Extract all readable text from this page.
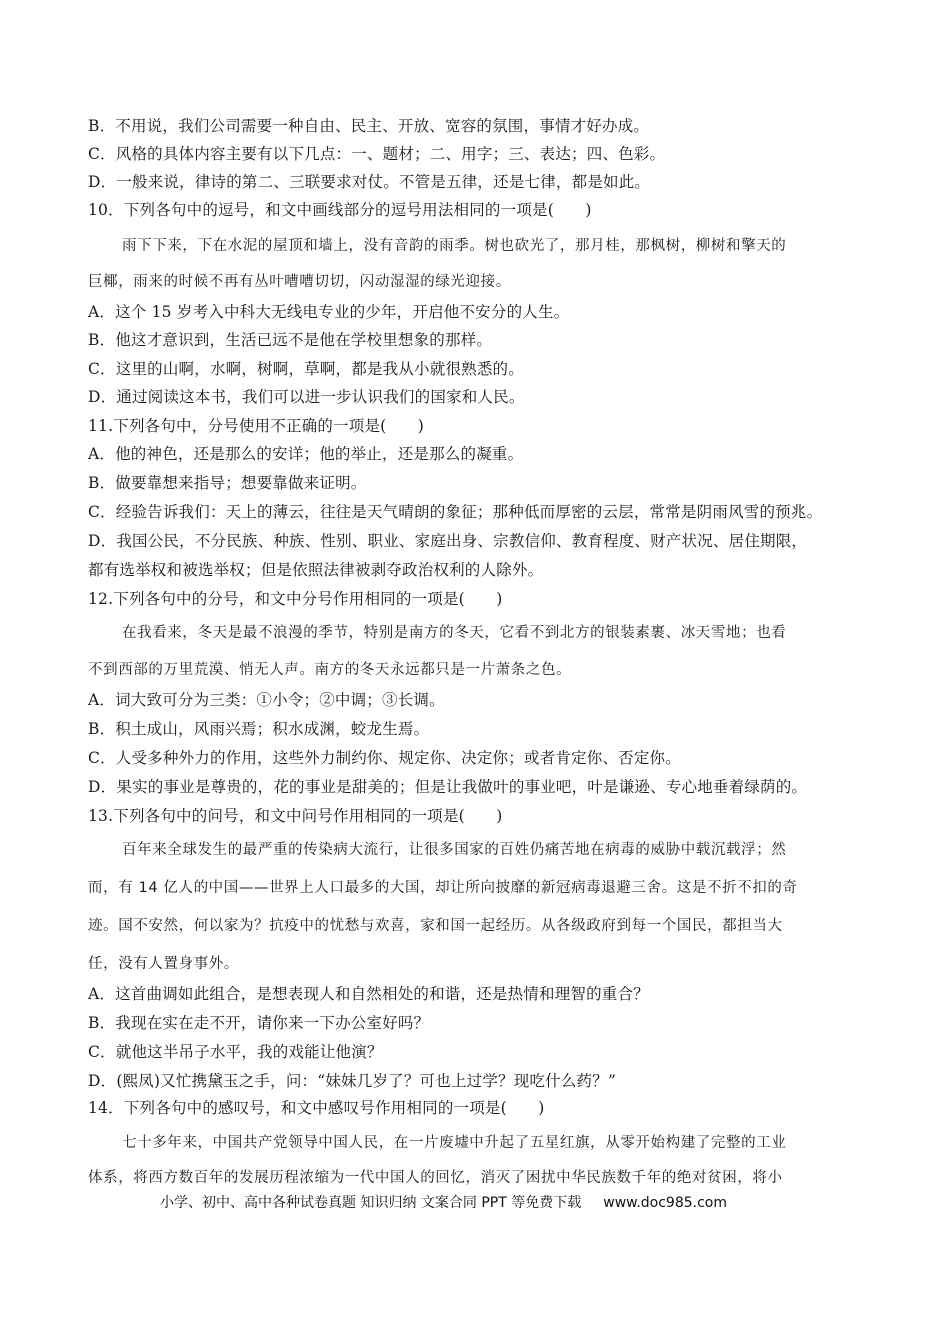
B．不用说，我们公司需要一种自由、民主、开放、宽容的氛围，事情才好办成。
C．风格的具体内容主要有以下几点：一、题材；二、用字；三、表达；四、色彩。
D．一般来说，律诗的第二、三联要求对仗。不管是五律，还是七律，都是如此。
10．下列各句中的逗号，和文中画线部分的逗号用法相同的一项是(　　)
雨下下来，下在水泥的屋顶和墙上，没有音韵的雨季。树也砍光了，那月桂，那枫树，柳树和擎天的
巨椰，雨来的时候不再有丛叶嘈嘈切切，闪动湿湿的绿光迎接。
A．这个 15 岁考入中科大无线电专业的少年，开启他不安分的人生。
B．他这才意识到，生活已远不是他在学校里想象的那样。
C．这里的山啊，水啊，树啊，草啊，都是我从小就很熟悉的。
D．通过阅读这本书，我们可以进一步认识我们的国家和人民。
11.下列各句中，分号使用不正确的一项是(　　)
A．他的神色，还是那么的安详；他的举止，还是那么的凝重。
B．做要靠想来指导；想要靠做来证明。
C．经验告诉我们：天上的薄云，往往是天气晴朗的象征；那种低而厚密的云层，常常是阴雨风雪的预兆。
D．我国公民，不分民族、种族、性别、职业、家庭出身、宗教信仰、教育程度、财产状况、居住期限，
都有选举权和被选举权；但是依照法律被剥夺政治权利的人除外。
12.下列各句中的分号，和文中分号作用相同的一项是(　　)
在我看来，冬天是最不浪漫的季节，特别是南方的冬天，它看不到北方的银装素裹、冰天雪地；也看
不到西部的万里荒漠、悄无人声。南方的冬天永远都只是一片萧条之色。
A．词大致可分为三类：①小令；②中调；③长调。
B．积土成山，风雨兴焉；积水成渊，蛟龙生焉。
C．人受多种外力的作用，这些外力制约你、规定你、决定你；或者肯定你、否定你。
D．果实的事业是尊贵的，花的事业是甜美的；但是让我做叶的事业吧，叶是谦逊、专心地垂着绿荫的。
13.下列各句中的问号，和文中问号作用相同的一项是(　　)
百年来全球发生的最严重的传染病大流行，让很多国家的百姓仍痛苦地在病毒的威胁中载沉载浮；然
而，有 14 亿人的中国——世界上人口最多的大国，却让所向披靡的新冠病毒退避三舍。这是不折不扣的奇
迹。国不安然，何以家为？抗疫中的忧愁与欢喜，家和国一起经历。从各级政府到每一个国民，都担当大
任，没有人置身事外。
A．这首曲调如此组合，是想表现人和自然相处的和谐，还是热情和理智的重合？
B．我现在实在走不开，请你来一下办公室好吗？
C．就他这半吊子水平，我的戏能让他演？
D．(熙凤)又忙携黛玉之手，问：“妹妹几岁了？可也上过学？现吃什么药？”
14．下列各句中的感叹号，和文中感叹号作用相同的一项是(　　)
七十多年来，中国共产党领导中国人民，在一片废墟中升起了五星红旗，从零开始构建了完整的工业
体系，将西方数百年的发展历程浓缩为一代中国人的回忆，消灭了困扰中华民族数千年的绝对贫困，将小
小学、初中、高中各种试卷真题 知识归纳 文案合同 PPT 等免费下载 www.doc985.com
